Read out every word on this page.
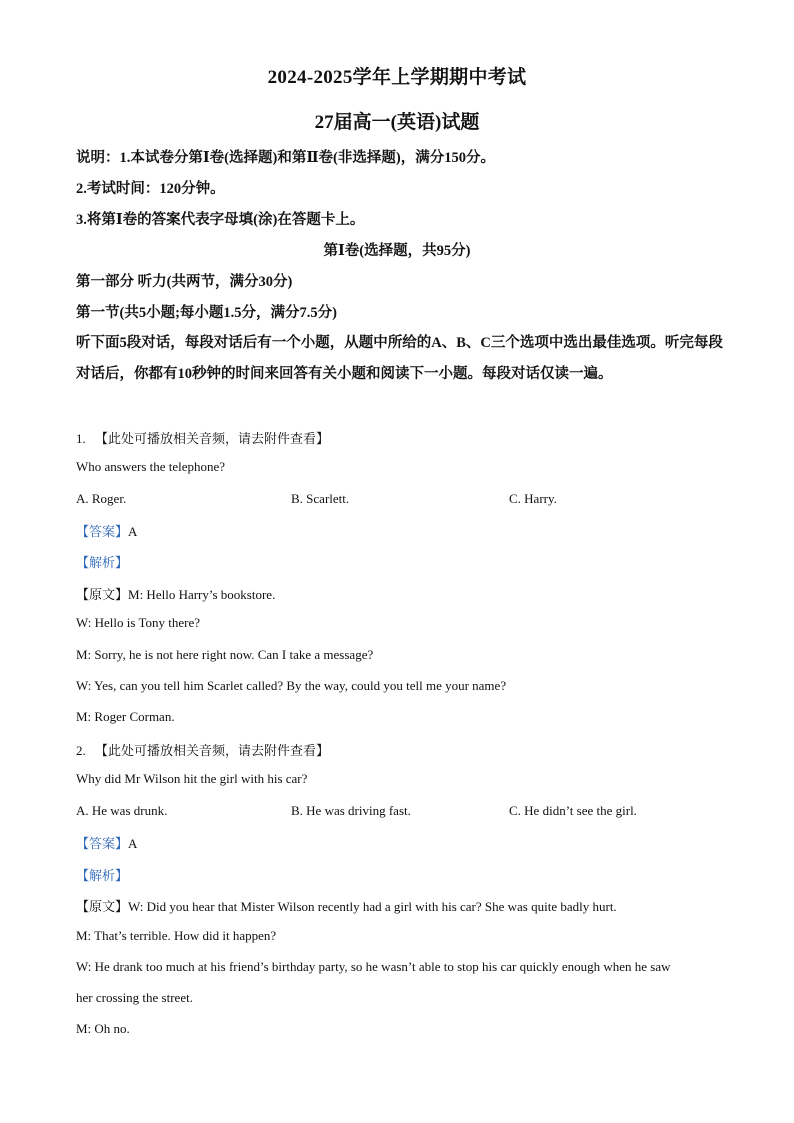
2024-2025学年上学期期中考试
27届高一(英语)试题
说明：1.本试卷分第Ⅰ卷(选择题)和第Ⅱ卷(非选择题)，满分150分。
2.考试时间：120分钟。
3.将第Ⅰ卷的答案代表字母填(涂)在答题卡上。
第Ⅰ卷(选择题，共95分)
第一部分 听力(共两节，满分30分)
第一节(共5小题;每小题1.5分，满分7.5分)
听下面5段对话，每段对话后有一个小题，从题中所给的A、B、C三个选项中选出最佳选项。听完每段对话后，你都有10秒钟的时间来回答有关小题和阅读下一小题。每段对话仅读一遍。
1. 【此处可播放相关音频，请去附件查看】
Who answers the telephone?
A. Roger.	B. Scarlett.	C. Harry.
【答案】A
【解析】
【原文】M: Hello Harry’s bookstore.
W: Hello is Tony there?
M: Sorry, he is not here right now. Can I take a message?
W: Yes, can you tell him Scarlet called? By the way, could you tell me your name?
M: Roger Corman.
2. 【此处可播放相关音频，请去附件查看】
Why did Mr Wilson hit the girl with his car?
A. He was drunk.	B. He was driving fast.	C. He didn’t see the girl.
【答案】A
【解析】
【原文】W: Did you hear that Mister Wilson recently had a girl with his car? She was quite badly hurt.
M: That’s terrible. How did it happen?
W: He drank too much at his friend’s birthday party, so he wasn’t able to stop his car quickly enough when he saw
her crossing the street.
M: Oh no.
